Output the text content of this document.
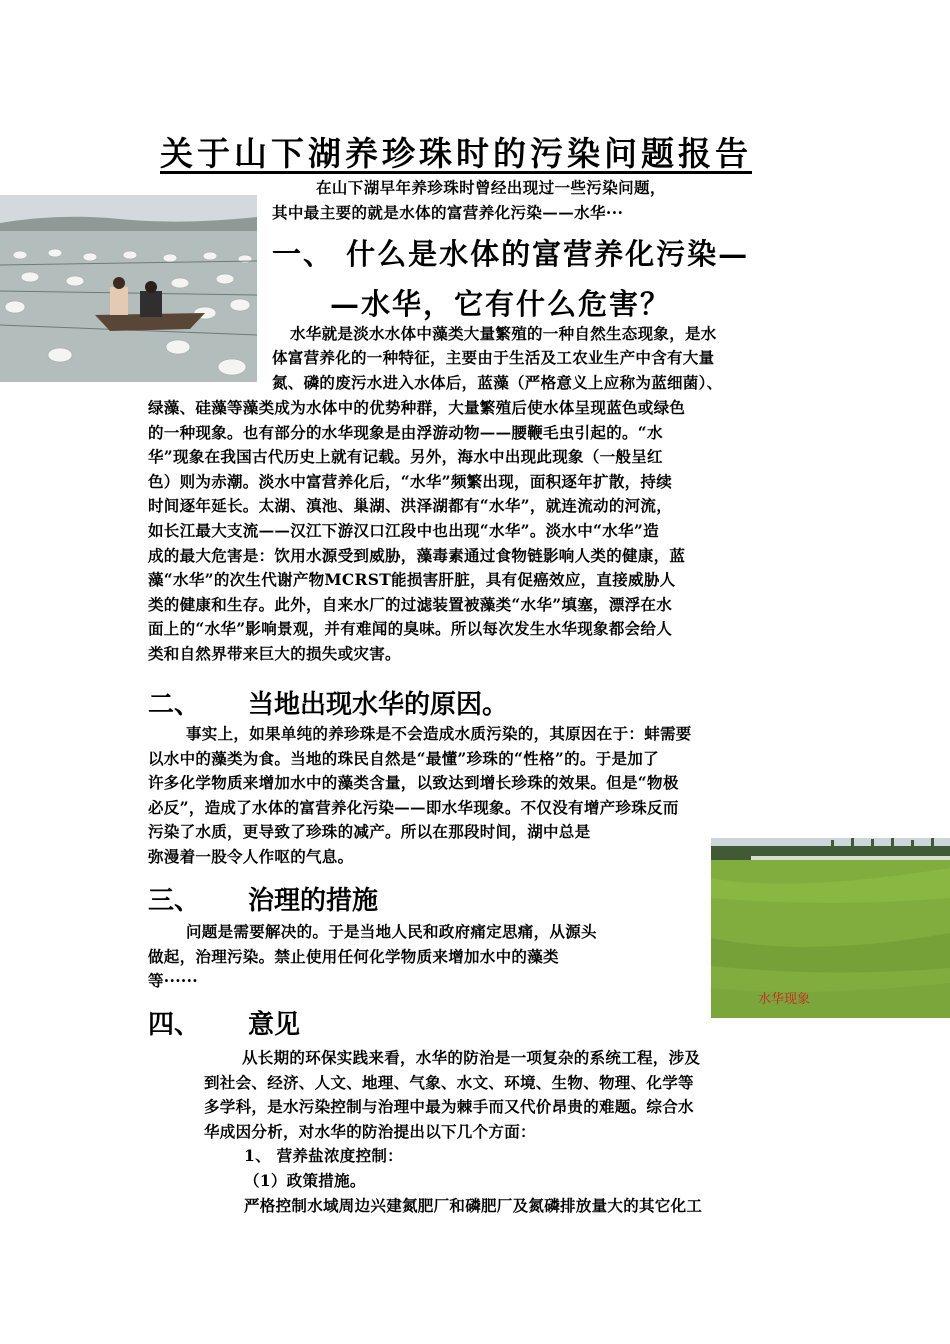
关于山下湖养珍珠时的污染问题报告
在山下湖早年养珍珠时曾经出现过一些污染问题，
其中最主要的就是水体的富营养化污染——水华···
一、 什么是水体的富营养化污染—
—水华，它有什么危害？
水华就是淡水水体中藻类大量繁殖的一种自然生态现象，是水
体富营养化的一种特征，主要由于生活及工农业生产中含有大量
氮、磷的废污水进入水体后，蓝藻（严格意义上应称为蓝细菌）、
绿藻、硅藻等藻类成为水体中的优势种群，大量繁殖后使水体呈现蓝色或绿色
的一种现象。也有部分的水华现象是由浮游动物——腰鞭毛虫引起的。“水
华”现象在我国古代历史上就有记载。另外，海水中出现此现象（一般呈红
色）则为赤潮。淡水中富营养化后，“水华”频繁出现，面积逐年扩散，持续
时间逐年延长。太湖、滇池、巢湖、洪泽湖都有“水华”，就连流动的河流，
如长江最大支流——汉江下游汉口江段中也出现“水华”。淡水中“水华”造
成的最大危害是：饮用水源受到威胁，藻毒素通过食物链影响人类的健康，蓝
藻“水华”的次生代谢产物MCRST能损害肝脏，具有促癌效应，直接威胁人
类的健康和生存。此外，自来水厂的过滤装置被藻类“水华”填塞，漂浮在水
面上的“水华”影响景观，并有难闻的臭味。所以每次发生水华现象都会给人
类和自然界带来巨大的损失或灾害。
二、 当地出现水华的原因。
事实上，如果单纯的养珍珠是不会造成水质污染的，其原因在于：蚌需要
以水中的藻类为食。当地的珠民自然是“最懂”珍珠的“性格”的。于是加了
许多化学物质来增加水中的藻类含量，以致达到增长珍珠的效果。但是“物极
必反”，造成了水体的富营养化污染——即水华现象。不仅没有增产珍珠反而
污染了水质，更导致了珍珠的减产。所以在那段时间，湖中总是
弥漫着一股令人作呕的气息。
水华现象
三、 治理的措施
问题是需要解决的。于是当地人民和政府痛定思痛，从源头
做起，治理污染。禁止使用任何化学物质来增加水中的藻类
等······
四、 意见
从长期的环保实践来看，水华的防治是一项复杂的系统工程，涉及
到社会、经济、人文、地理、气象、水文、环境、生物、物理、化学等
多学科，是水污染控制与治理中最为棘手而又代价昂贵的难题。综合水
华成因分析，对水华的防治提出以下几个方面：
1、 营养盐浓度控制：
（1）政策措施。
严格控制水域周边兴建氮肥厂和磷肥厂及氮磷排放量大的其它化工
